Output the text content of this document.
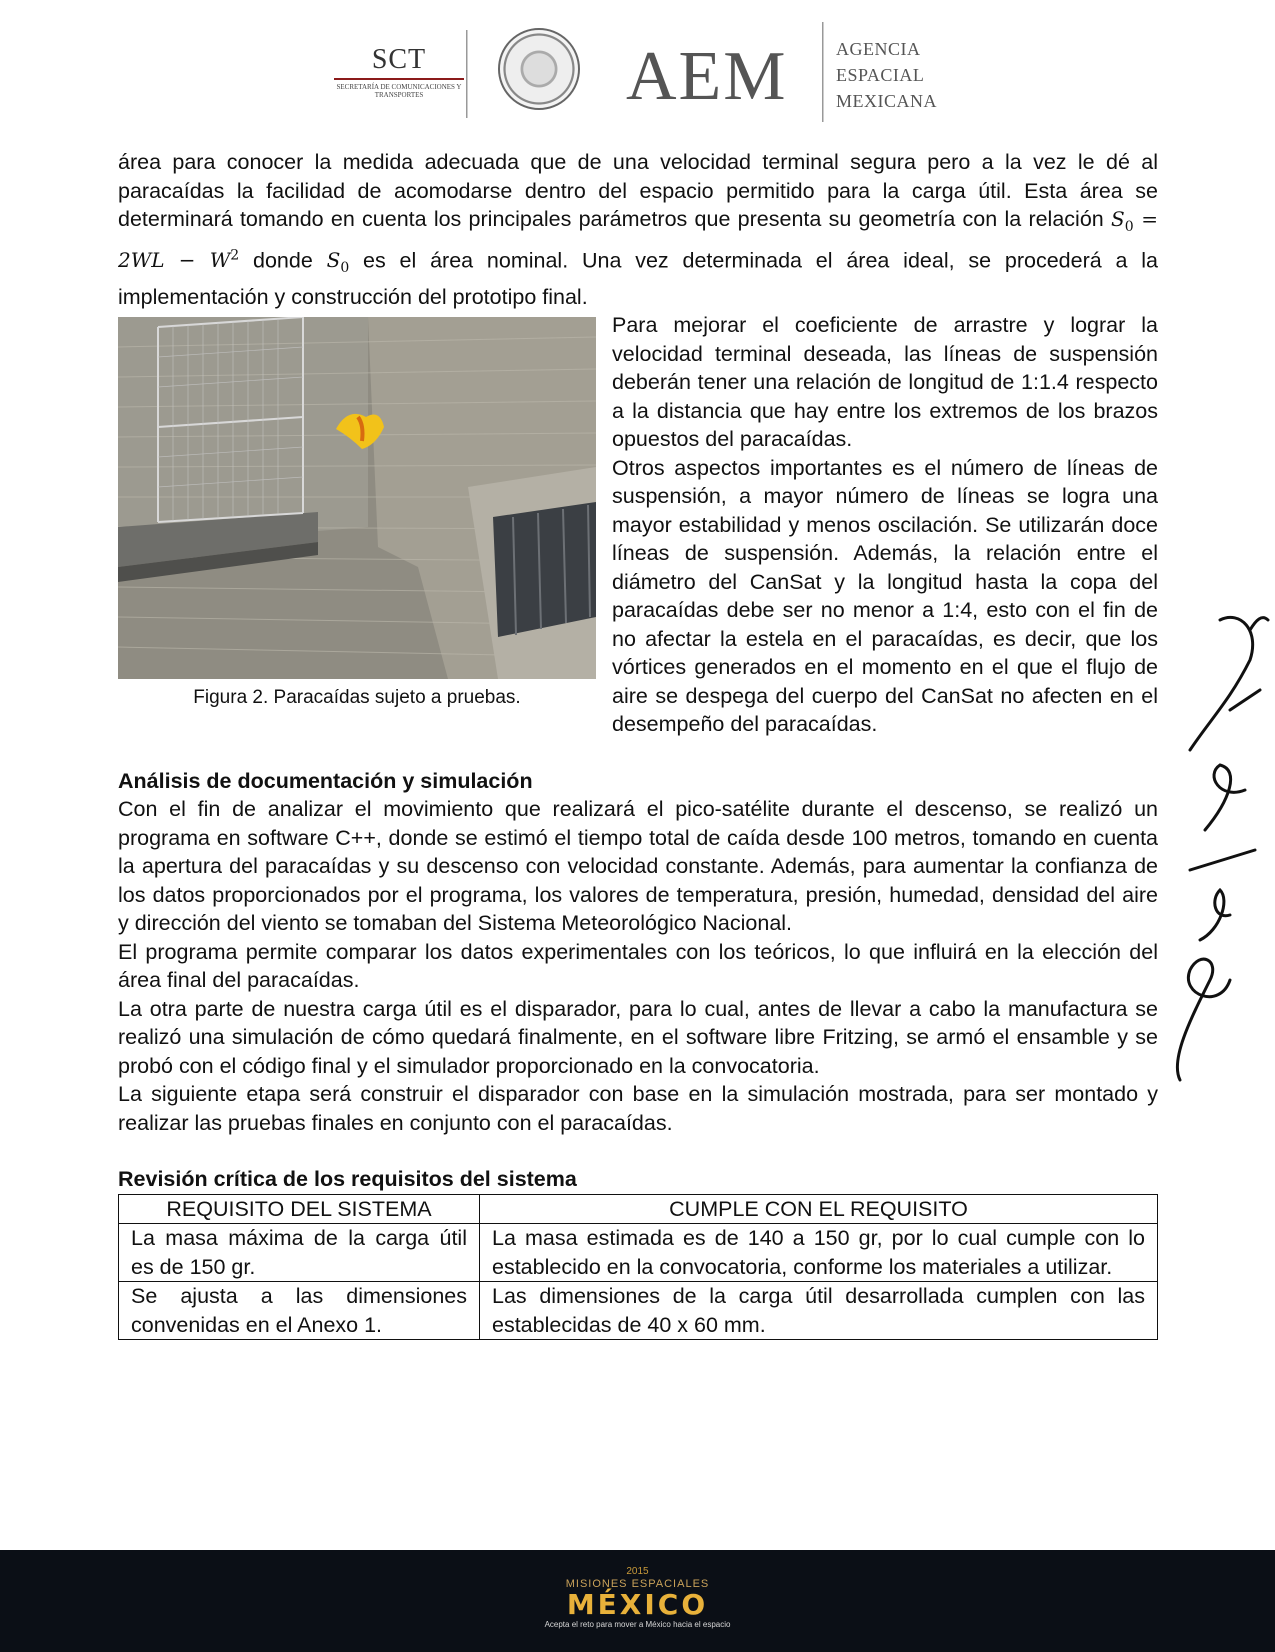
SCT
SECRETARÍA DE COMUNICACIONES Y TRANSPORTES	AEM	AGENCIA
ESPACIAL
MEXICANA

área para conocer la medida adecuada que de una velocidad terminal segura pero a la vez le dé al paracaídas la facilidad de acomodarse dentro del espacio permitido para la carga útil. Esta área se determinará tomando en cuenta los principales parámetros que presenta su geometría con la relación $S_0 = 2WL - W^2$ donde $S_0$ es el área nominal. Una vez determinada el área ideal, se procederá a la implementación y construcción del prototipo final.

Figura 2. Paracaídas sujeto a pruebas.

Para mejorar el coeficiente de arrastre y lograr la velocidad terminal deseada, las líneas de suspensión deberán tener una relación de longitud de 1:1.4 respecto a la distancia que hay entre los extremos de los brazos opuestos del paracaídas.

Otros aspectos importantes es el número de líneas de suspensión, a mayor número de líneas se logra una mayor estabilidad y menos oscilación. Se utilizarán doce líneas de suspensión. Además, la relación entre el diámetro del CanSat y la longitud hasta la copa del paracaídas debe ser no menor a 1:4, esto con el fin de no afectar la estela en el paracaídas, es decir, que los vórtices generados en el momento en el que el flujo de aire se despega del cuerpo del CanSat no afecten en el desempeño del paracaídas.

Análisis de documentación y simulación

Con el fin de analizar el movimiento que realizará el pico-satélite durante el descenso, se realizó un programa en software C++, donde se estimó el tiempo total de caída desde 100 metros, tomando en cuenta la apertura del paracaídas y su descenso con velocidad constante. Además, para aumentar la confianza de los datos proporcionados por el programa, los valores de temperatura, presión, humedad, densidad del aire y dirección del viento se tomaban del Sistema Meteorológico Nacional.

El programa permite comparar los datos experimentales con los teóricos, lo que influirá en la elección del área final del paracaídas.

La otra parte de nuestra carga útil es el disparador, para lo cual, antes de llevar a cabo la manufactura se realizó una simulación de cómo quedará finalmente, en el software libre Fritzing, se armó el ensamble y se probó con el código final y el simulador proporcionado en la convocatoria.

La siguiente etapa será construir el disparador con base en la simulación mostrada, para ser montado y realizar las pruebas finales en conjunto con el paracaídas.

Revisión crítica de los requisitos del sistema

REQUISITO DEL SISTEMA	CUMPLE CON EL REQUISITO
La masa máxima de la carga útil es de 150 gr.	La masa estimada es de 140 a 150 gr, por lo cual cumple con lo establecido en la convocatoria, conforme los materiales a utilizar.
Se ajusta a las dimensiones convenidas en el Anexo 1.	Las dimensiones de la carga útil desarrollada cumplen con las establecidas de 40 x 60 mm.
2015
MISIONES ESPACIALES
MÉXICO
Acepta el reto para mover a México hacia el espacio
